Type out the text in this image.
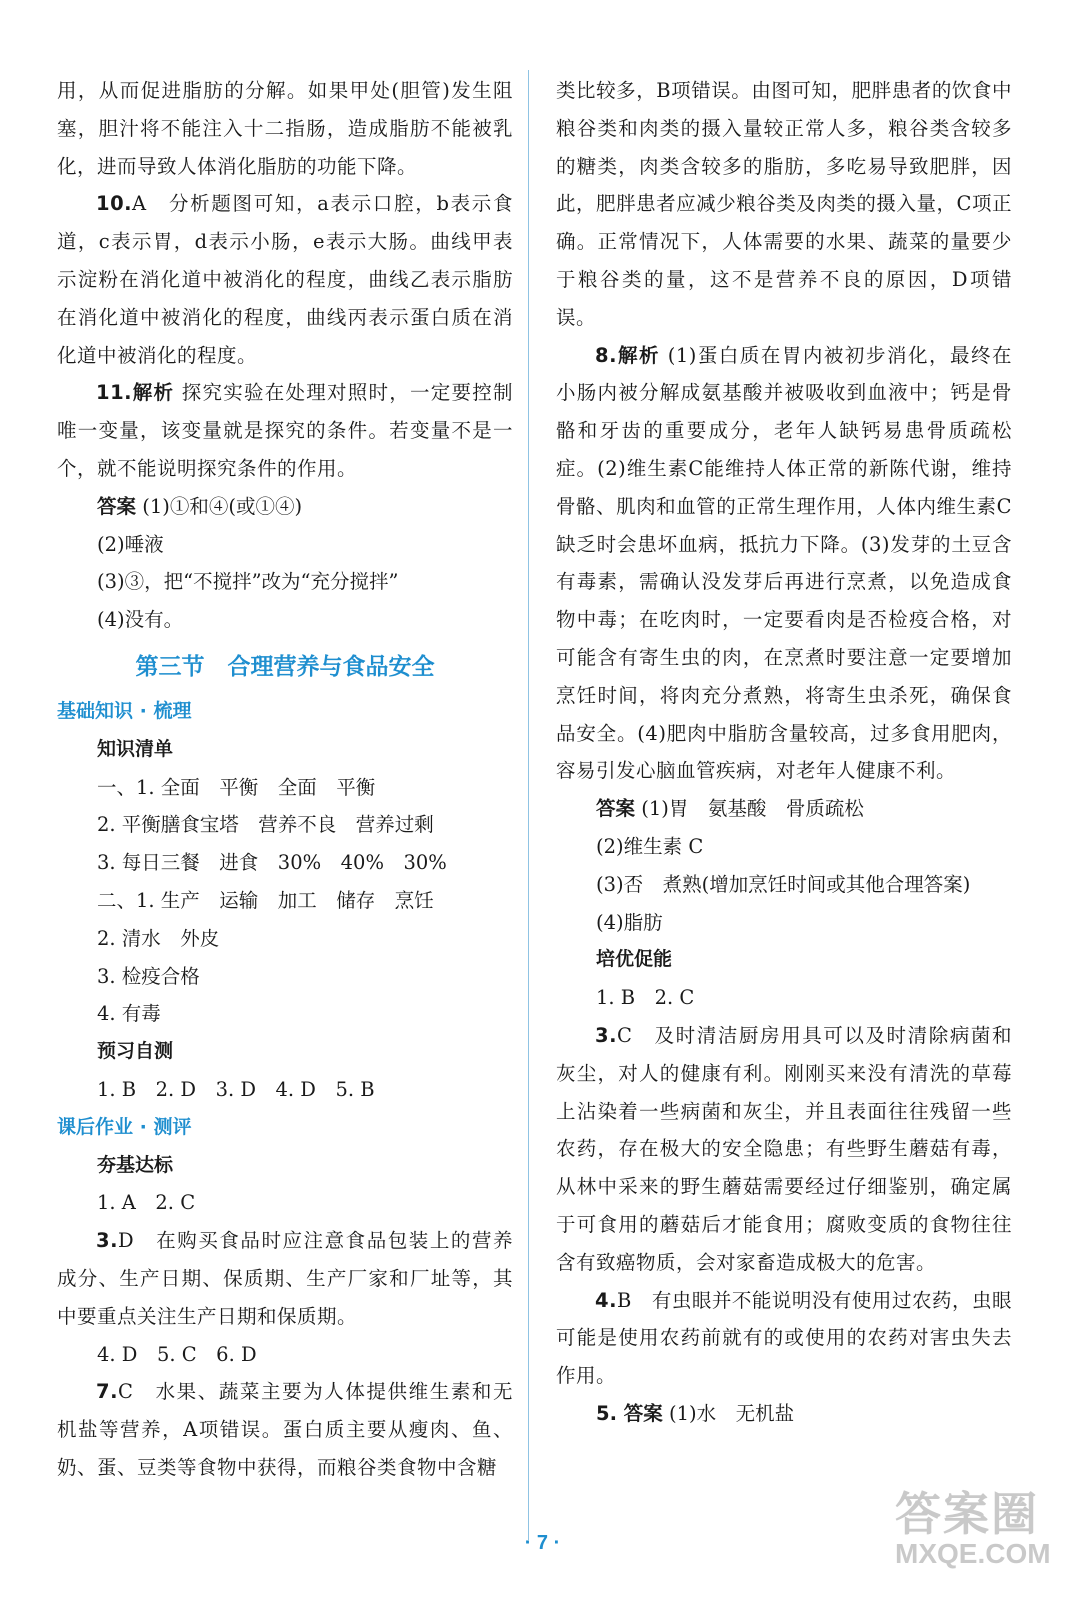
用，从而促进脂肪的分解。如果甲处(胆管)发生阻塞，胆汁将不能注入十二指肠，造成脂肪不能被乳化，进而导致人体消化脂肪的功能下降。

10.A　分析题图可知，a表示口腔，b表示食道，c表示胃，d表示小肠，e表示大肠。曲线甲表示淀粉在消化道中被消化的程度，曲线乙表示脂肪在消化道中被消化的程度，曲线丙表示蛋白质在消化道中被消化的程度。

11.解析 探究实验在处理对照时，一定要控制唯一变量，该变量就是探究的条件。若变量不是一个，就不能说明探究条件的作用。

答案 (1)①和④(或①④)

(2)唾液

(3)③，把“不搅拌”改为“充分搅拌”

(4)没有。

第三节　合理营养与食品安全

基础知识 · 梳理

知识清单

一、1. 全面　平衡　全面　平衡

2. 平衡膳食宝塔　营养不良　营养过剩

3. 每日三餐　进食　30%　40%　30%

二、1. 生产　运输　加工　储存　烹饪

2. 清水　外皮

3. 检疫合格

4. 有毒

预习自测

1. B　2. D　3. D　4. D　5. B

课后作业 · 测评

夯基达标

1. A　2. C

3.D　在购买食品时应注意食品包装上的营养成分、生产日期、保质期、生产厂家和厂址等，其中要重点关注生产日期和保质期。

4. D　5. C　6. D

7.C　水果、蔬菜主要为人体提供维生素和无机盐等营养，A项错误。蛋白质主要从瘦肉、鱼、奶、蛋、豆类等食物中获得，而粮谷类食物中含糖

类比较多，B项错误。由图可知，肥胖患者的饮食中粮谷类和肉类的摄入量较正常人多，粮谷类含较多的糖类，肉类含较多的脂肪，多吃易导致肥胖，因此，肥胖患者应减少粮谷类及肉类的摄入量，C项正确。正常情况下，人体需要的水果、蔬菜的量要少于粮谷类的量，这不是营养不良的原因，D项错误。

8.解析 (1)蛋白质在胃内被初步消化，最终在小肠内被分解成氨基酸并被吸收到血液中；钙是骨骼和牙齿的重要成分，老年人缺钙易患骨质疏松症。(2)维生素C能维持人体正常的新陈代谢，维持骨骼、肌肉和血管的正常生理作用，人体内维生素C缺乏时会患坏血病，抵抗力下降。(3)发芽的土豆含有毒素，需确认没发芽后再进行烹煮，以免造成食物中毒；在吃肉时，一定要看肉是否检疫合格，对可能含有寄生虫的肉，在烹煮时要注意一定要增加烹饪时间，将肉充分煮熟，将寄生虫杀死，确保食品安全。(4)肥肉中脂肪含量较高，过多食用肥肉，容易引发心脑血管疾病，对老年人健康不利。

答案 (1)胃　氨基酸　骨质疏松

(2)维生素 C

(3)否　煮熟(增加烹饪时间或其他合理答案)

(4)脂肪

培优促能

1. B　2. C

3.C　及时清洁厨房用具可以及时清除病菌和灰尘，对人的健康有利。刚刚买来没有清洗的草莓上沾染着一些病菌和灰尘，并且表面往往残留一些农药，存在极大的安全隐患；有些野生蘑菇有毒，从林中采来的野生蘑菇需要经过仔细鉴别，确定属于可食用的蘑菇后才能食用；腐败变质的食物往往含有致癌物质，会对家畜造成极大的危害。

4.B　有虫眼并不能说明没有使用过农药，虫眼可能是使用农药前就有的或使用的农药对害虫失去作用。

5. 答案 (1)水　无机盐

· 7 ·
答案圈
MXQE.COM
